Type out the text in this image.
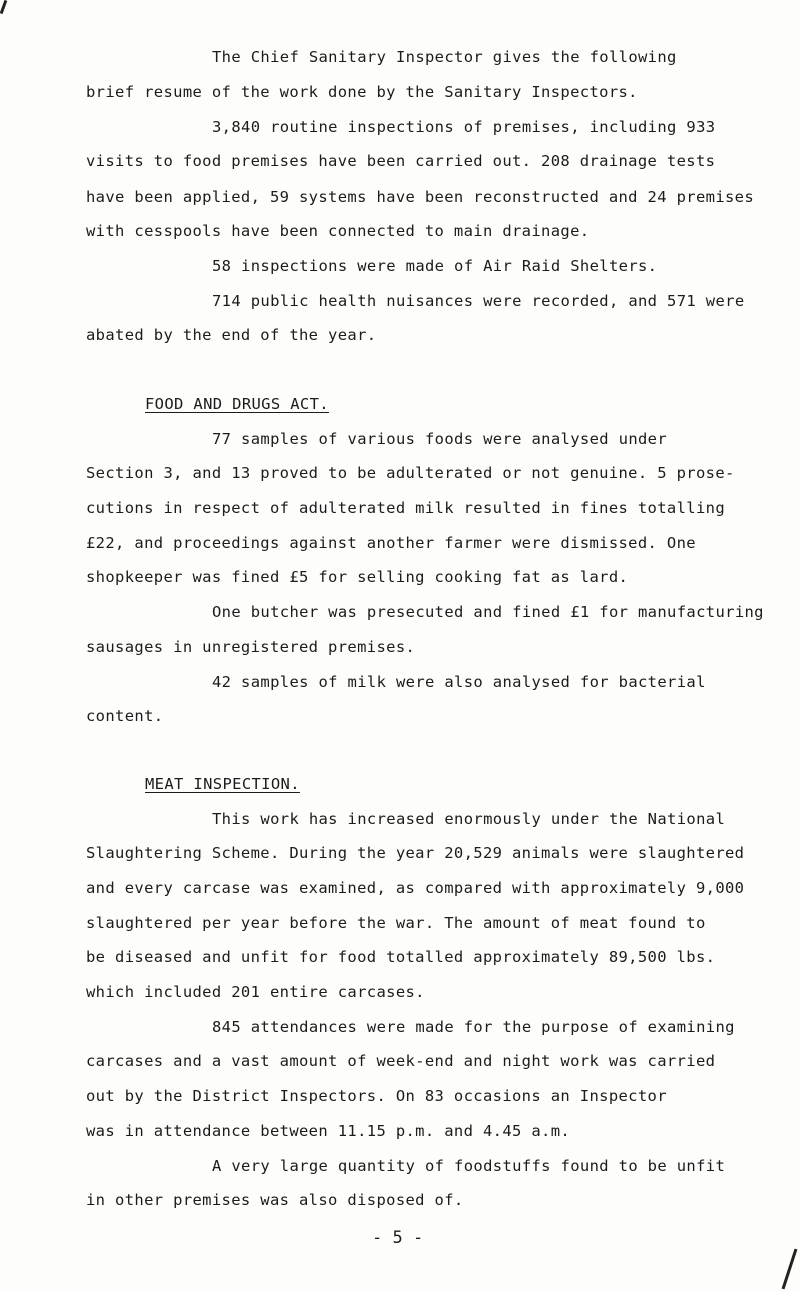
The Chief Sanitary Inspector gives the following
brief resume of the work done by the Sanitary Inspectors.
3,840 routine inspections of premises, including 933
visits to food premises have been carried out. 208 drainage tests
have been applied, 59 systems have been reconstructed and 24 premises
with cesspools have been connected to main drainage.
58 inspections were made of Air Raid Shelters.
714 public health nuisances were recorded, and 571 were
abated by the end of the year.
FOOD AND DRUGS ACT.
77 samples of various foods were analysed under
Section 3, and 13 proved to be adulterated or not genuine. 5 prose-
cutions in respect of adulterated milk resulted in fines totalling
£22, and proceedings against another farmer were dismissed. One
shopkeeper was fined £5 for selling cooking fat as lard.
One butcher was presecuted and fined £1 for manufacturing
sausages in unregistered premises.
42 samples of milk were also analysed for bacterial
content.
MEAT INSPECTION.
This work has increased enormously under the National
Slaughtering Scheme. During the year 20,529 animals were slaughtered
and every carcase was examined, as compared with approximately 9,000
slaughtered per year before the war. The amount of meat found to
be diseased and unfit for food totalled approximately 89,500 lbs.
which included 201 entire carcases.
845 attendances were made for the purpose of examining
carcases and a vast amount of week-end and night work was carried
out by the District Inspectors. On 83 occasions an Inspector
was in attendance between 11.15 p.m. and 4.45 a.m.
A very large quantity of foodstuffs found to be unfit
in other premises was also disposed of.
- 5 -
